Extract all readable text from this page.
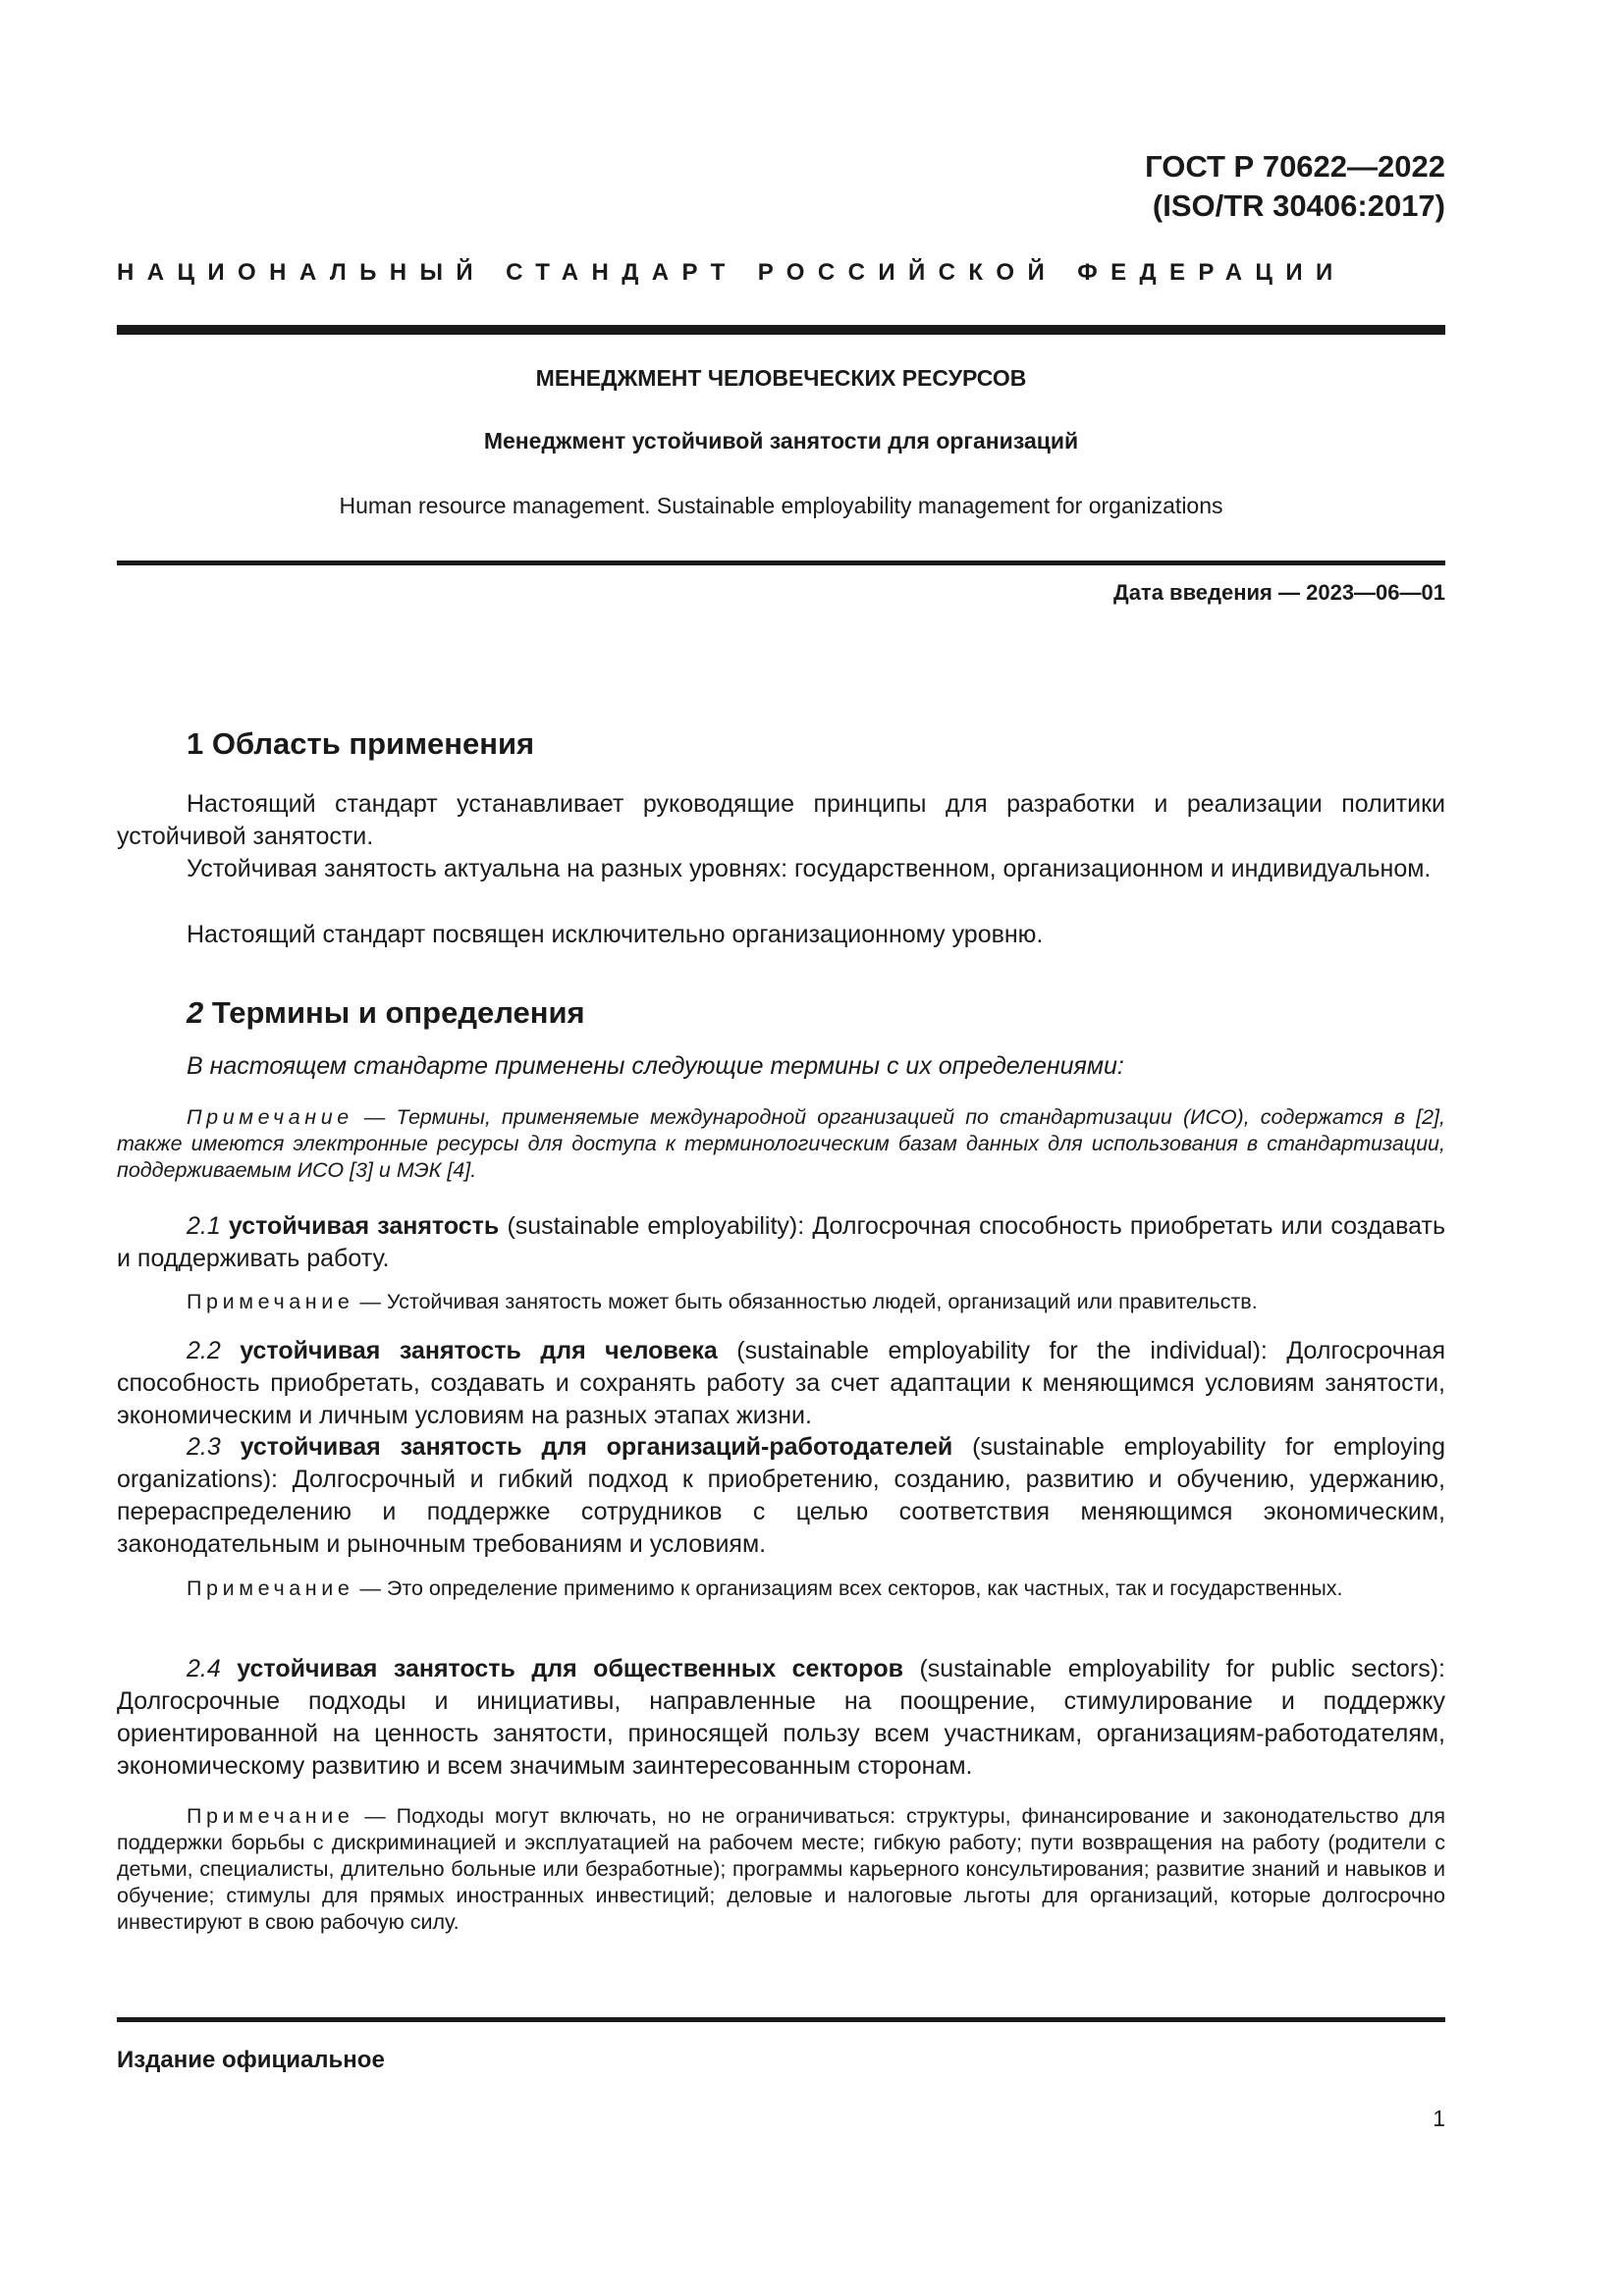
ГОСТ Р 70622—2022
(ISO/TR 30406:2017)
НАЦИОНАЛЬНЫЙ СТАНДАРТ РОССИЙСКОЙ ФЕДЕРАЦИИ
МЕНЕДЖМЕНТ ЧЕЛОВЕЧЕСКИХ РЕСУРСОВ
Менеджмент устойчивой занятости для организаций
Human resource management. Sustainable employability management for organizations
Дата введения — 2023—06—01
1 Область применения
Настоящий стандарт устанавливает руководящие принципы для разработки и реализации политики устойчивой занятости.
Устойчивая занятость актуальна на разных уровнях: государственном, организационном и индивидуальном.
Настоящий стандарт посвящен исключительно организационному уровню.
2 Термины и определения
В настоящем стандарте применены следующие термины с их определениями:
Примечание — Термины, применяемые международной организацией по стандартизации (ИСО), содержатся в [2], также имеются электронные ресурсы для доступа к терминологическим базам данных для использования в стандартизации, поддерживаемым ИСО [3] и МЭК [4].
2.1 устойчивая занятость (sustainable employability): Долгосрочная способность приобретать или создавать и поддерживать работу.
Примечание — Устойчивая занятость может быть обязанностью людей, организаций или правительств.
2.2 устойчивая занятость для человека (sustainable employability for the individual): Долгосрочная способность приобретать, создавать и сохранять работу за счет адаптации к меняющимся условиям занятости, экономическим и личным условиям на разных этапах жизни.
2.3 устойчивая занятость для организаций-работодателей (sustainable employability for employing organizations): Долгосрочный и гибкий подход к приобретению, созданию, развитию и обучению, удержанию, перераспределению и поддержке сотрудников с целью соответствия меняющимся экономическим, законодательным и рыночным требованиям и условиям.
Примечание — Это определение применимо к организациям всех секторов, как частных, так и государственных.
2.4 устойчивая занятость для общественных секторов (sustainable employability for public sectors): Долгосрочные подходы и инициативы, направленные на поощрение, стимулирование и поддержку ориентированной на ценность занятости, приносящей пользу всем участникам, организациям-работодателям, экономическому развитию и всем значимым заинтересованным сторонам.
Примечание — Подходы могут включать, но не ограничиваться: структуры, финансирование и законодательство для поддержки борьбы с дискриминацией и эксплуатацией на рабочем месте; гибкую работу; пути возвращения на работу (родители с детьми, специалисты, длительно больные или безработные); программы карьерного консультирования; развитие знаний и навыков и обучение; стимулы для прямых иностранных инвестиций; деловые и налоговые льготы для организаций, которые долгосрочно инвестируют в свою рабочую силу.
Издание официальное
1
